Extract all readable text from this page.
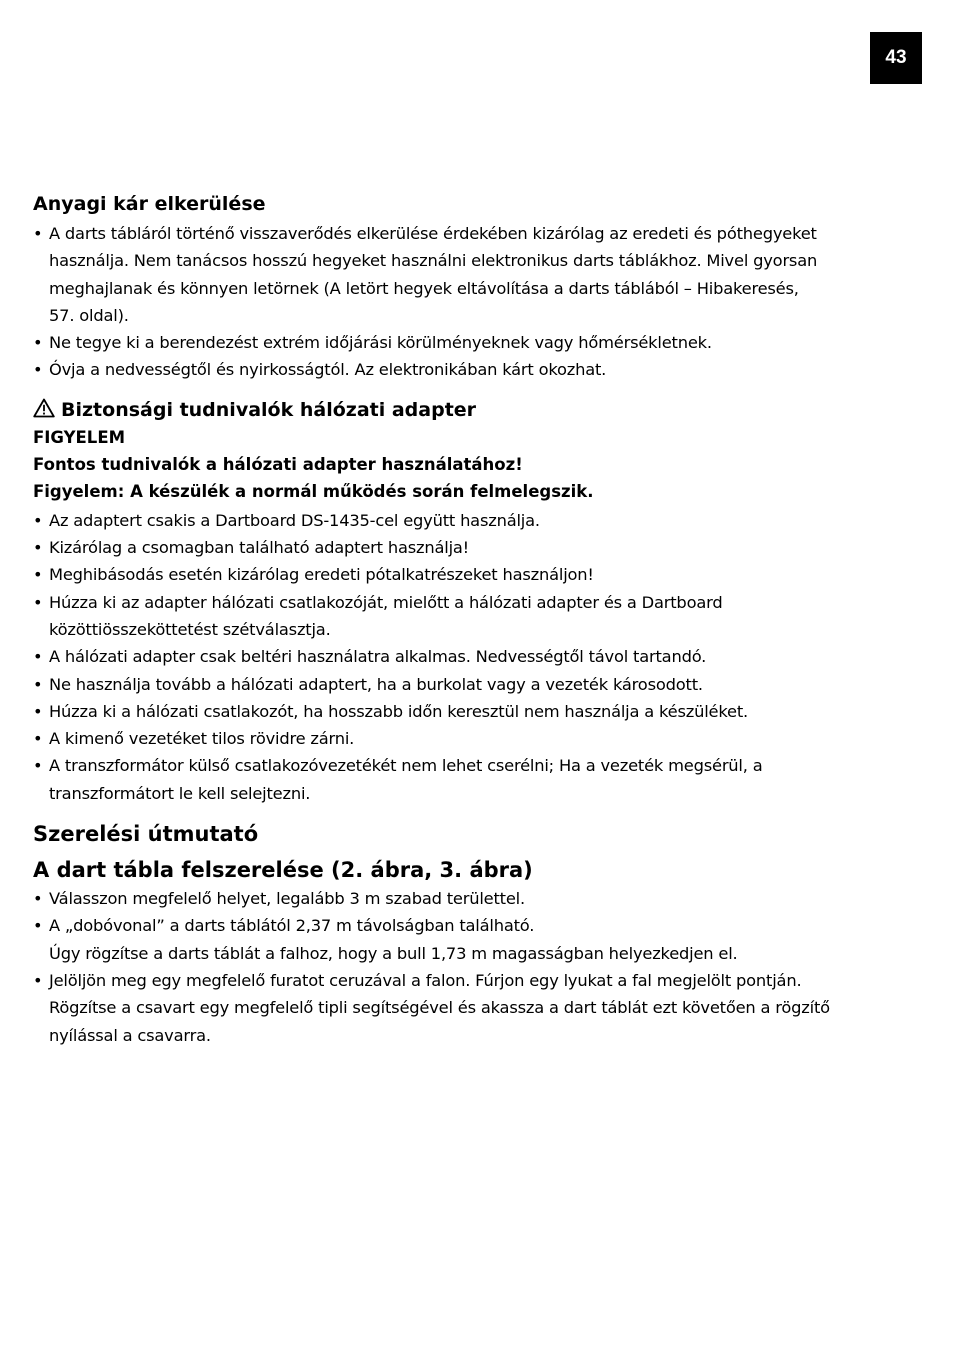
43
Anyagi kár elkerülése
• A darts tábláról történő visszaverődés elkerülése érdekében kizárólag az eredeti és póthegyeket
használja. Nem tanácsos hosszú hegyeket használni elektronikus darts táblákhoz. Mivel gyorsan
meghajlanak és könnyen letörnek (A letört hegyek eltávolítása a darts táblából – Hibakeresés,
57. oldal).
• Ne tegye ki a berendezést extrém időjárási körülményeknek vagy hőmérsékletnek.
• Óvja a nedvességtől és nyirkosságtól. Az elektronikában kárt okozhat.
Biztonsági tudnivalók hálózati adapter

FIGYELEM

Fontos tudnivalók a hálózati adapter használatához!

Figyelem: A készülék a normál működés során felmelegszik.

• Az adaptert csakis a Dartboard DS-1435-cel együtt használja.
• Kizárólag a csomagban található adaptert használja!
• Meghibásodás esetén kizárólag eredeti pótalkatrészeket használjon!
• Húzza ki az adapter hálózati csatlakozóját, mielőtt a hálózati adapter és a Dartboard
közöttiösszeköttetést szétválasztja.
• A hálózati adapter csak beltéri használatra alkalmas. Nedvességtől távol tartandó.
• Ne használja tovább a hálózati adaptert, ha a burkolat vagy a vezeték károsodott.
• Húzza ki a hálózati csatlakozót, ha hosszabb időn keresztül nem használja a készüléket.
• A kimenő vezetéket tilos rövidre zárni.
• A transzformátor külső csatlakozóvezetékét nem lehet cserélni; Ha a vezeték megsérül, a
transzformátort le kell selejtezni.
Szerelési útmutató
A dart tábla felszerelése (2. ábra, 3. ábra)
• Válasszon megfelelő helyet, legalább 3 m szabad területtel.
• A „dobóvonal” a darts táblától 2,37 m távolságban található.
Úgy rögzítse a darts táblát a falhoz, hogy a bull 1,73 m magasságban helyezkedjen el.
• Jelöljön meg egy megfelelő furatot ceruzával a falon. Fúrjon egy lyukat a fal megjelölt pontján.
Rögzítse a csavart egy megfelelő tipli segítségével és akassza a dart táblát ezt követően a rögzítő
nyílással a csavarra.
